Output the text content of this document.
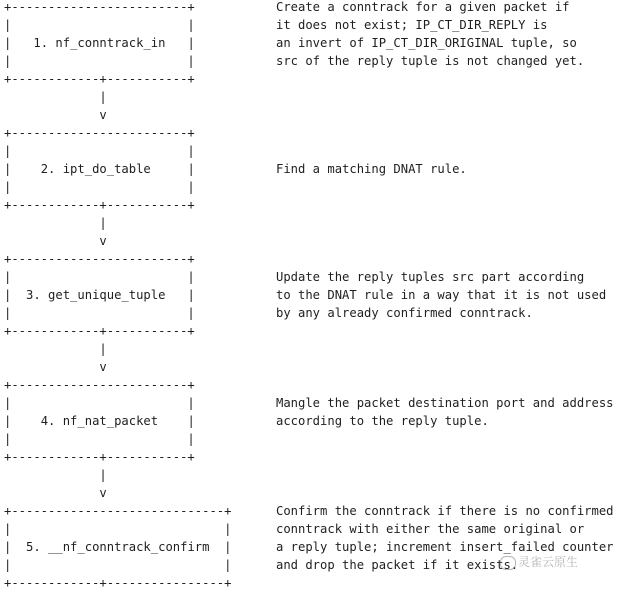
+------------------------+
|                        |
|   1. nf_conntrack_in   |
|                        |
+------------+-----------+
|
v
+------------------------+
|                        |
|    2. ipt_do_table     |
|                        |
+------------+-----------+
|
v
+------------------------+
|                        |
|  3. get_unique_tuple   |
|                        |
+------------+-----------+
|
v
+------------------------+
|                        |
|    4. nf_nat_packet    |
|                        |
+------------+-----------+
|
v
+-----------------------------+
|                             |
|  5. __nf_conntrack_confirm  |
|                             |
+------------+----------------+

Create a conntrack for a given packet if
it does not exist; IP_CT_DIR_REPLY is
an invert of IP_CT_DIR_ORIGINAL tuple, so
src of the reply tuple is not changed yet.
Find a matching DNAT rule.
Update the reply tuples src part according
to the DNAT rule in a way that it is not used
by any already confirmed conntrack.
Mangle the packet destination port and address
according to the reply tuple.
Confirm the conntrack if there is no confirmed
conntrack with either the same original or
a reply tuple; increment insert_failed counter
and drop the packet if it exists. 灵雀云原生
